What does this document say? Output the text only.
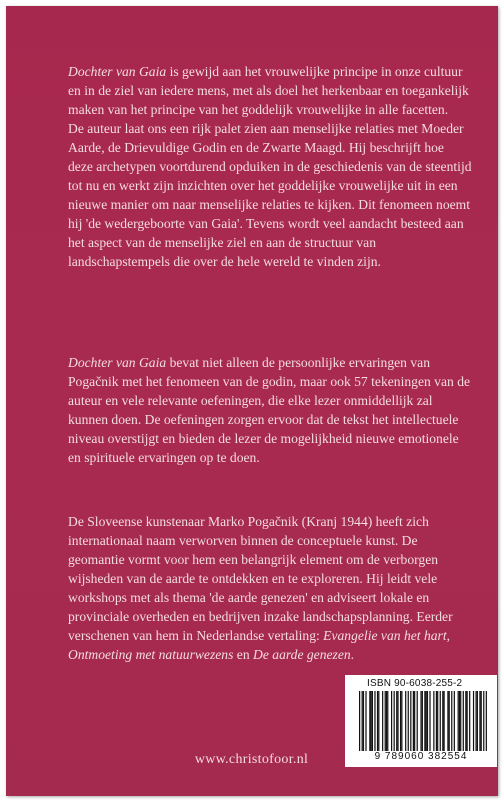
Dochter van Gaia is gewijd aan het vrouwelijke principe in onze cultuur en in de ziel van iedere mens, met als doel het herkenbaar en toegankelijk maken van het principe van het goddelijk vrouwelijke in alle facetten.

De auteur laat ons een rijk palet zien aan menselijke relaties met Moeder Aarde, de Drievuldige Godin en de Zwarte Maagd. Hij beschrijft hoe deze archetypen voortdurend opduiken in de geschiedenis van de steentijd tot nu en werkt zijn inzichten over het goddelijke vrouwelijke uit in een nieuwe manier om naar menselijke relaties te kijken. Dit fenomeen noemt hij 'de wedergeboorte van Gaia'. Tevens wordt veel aandacht besteed aan het aspect van de menselijke ziel en aan de structuur van landschapstempels die over de hele wereld te vinden zijn.

Dochter van Gaia bevat niet alleen de persoonlijke ervaringen van Pogačnik met het fenomeen van de godin, maar ook 57 tekeningen van de auteur en vele relevante oefeningen, die elke lezer onmiddellijk zal kunnen doen. De oefeningen zorgen ervoor dat de tekst het intellectuele niveau overstijgt en bieden de lezer de mogelijkheid nieuwe emotionele en spirituele ervaringen op te doen.

De Sloveense kunstenaar Marko Pogačnik (Kranj 1944) heeft zich internationaal naam verworven binnen de conceptuele kunst. De geomantie vormt voor hem een belangrijk element om de verborgen wijsheden van de aarde te ontdekken en te exploreren. Hij leidt vele workshops met als thema 'de aarde genezen' en adviseert lokale en provinciale overheden en bedrijven inzake landschapsplanning. Eerder verschenen van hem in Nederlandse vertaling: Evangelie van het hart, Ontmoeting met natuurwezens en De aarde genezen.

ISBN 90-6038-255-2
9 789060 382554
www.christofoor.nl
